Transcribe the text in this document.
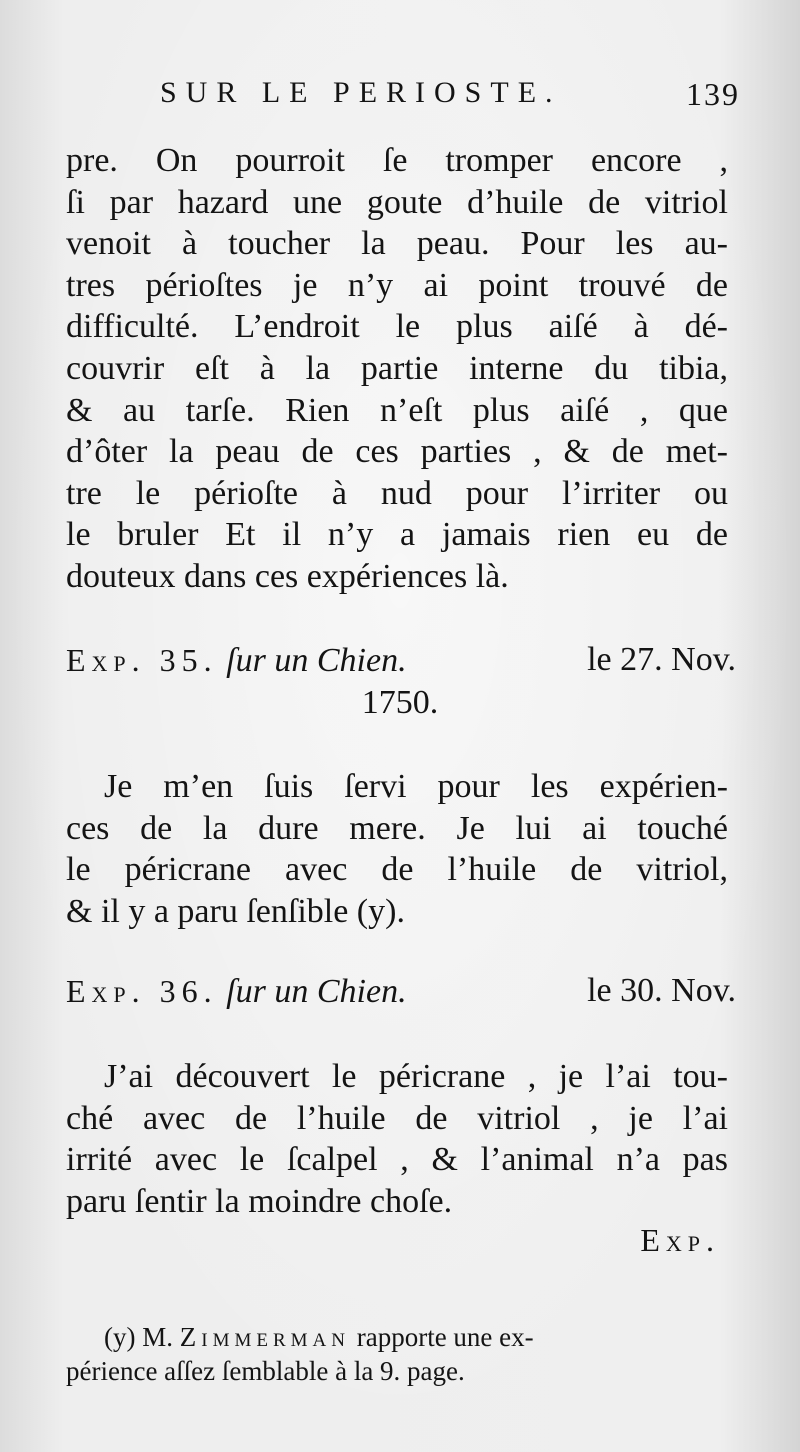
SUR LE PERIOSTE.	139
pre. On pourroit ſe tromper encore ,
ſi par hazard une goute d’huile de vitriol
venoit à toucher la peau. Pour les au-
tres périoſtes je n’y ai point trouvé de
difficulté. L’endroit le plus aiſé à dé-
couvrir eſt à la partie interne du tibia,
& au tarſe. Rien n’eſt plus aiſé , que
d’ôter la peau de ces parties , & de met-
tre le périoſte à nud pour l’irriter ou
le bruler Et il n’y a jamais rien eu de
douteux dans ces expériences là.
Exp. 35. ſur un Chien.	le 27. Nov.
1750.
Je m’en ſuis ſervi pour les expérien-
ces de la dure mere. Je lui ai touché
le péricrane avec de l’huile de vitriol,
& il y a paru ſenſible (y).
Exp. 36. ſur un Chien.	le 30. Nov.
J’ai découvert le péricrane , je l’ai tou-
ché avec de l’huile de vitriol , je l’ai
irrité avec le ſcalpel , & l’animal n’a pas
paru ſentir la moindre choſe.
Exp.
(y) M. Zimmerman rapporte une ex-
périence aſſez ſemblable à la 9. page.
